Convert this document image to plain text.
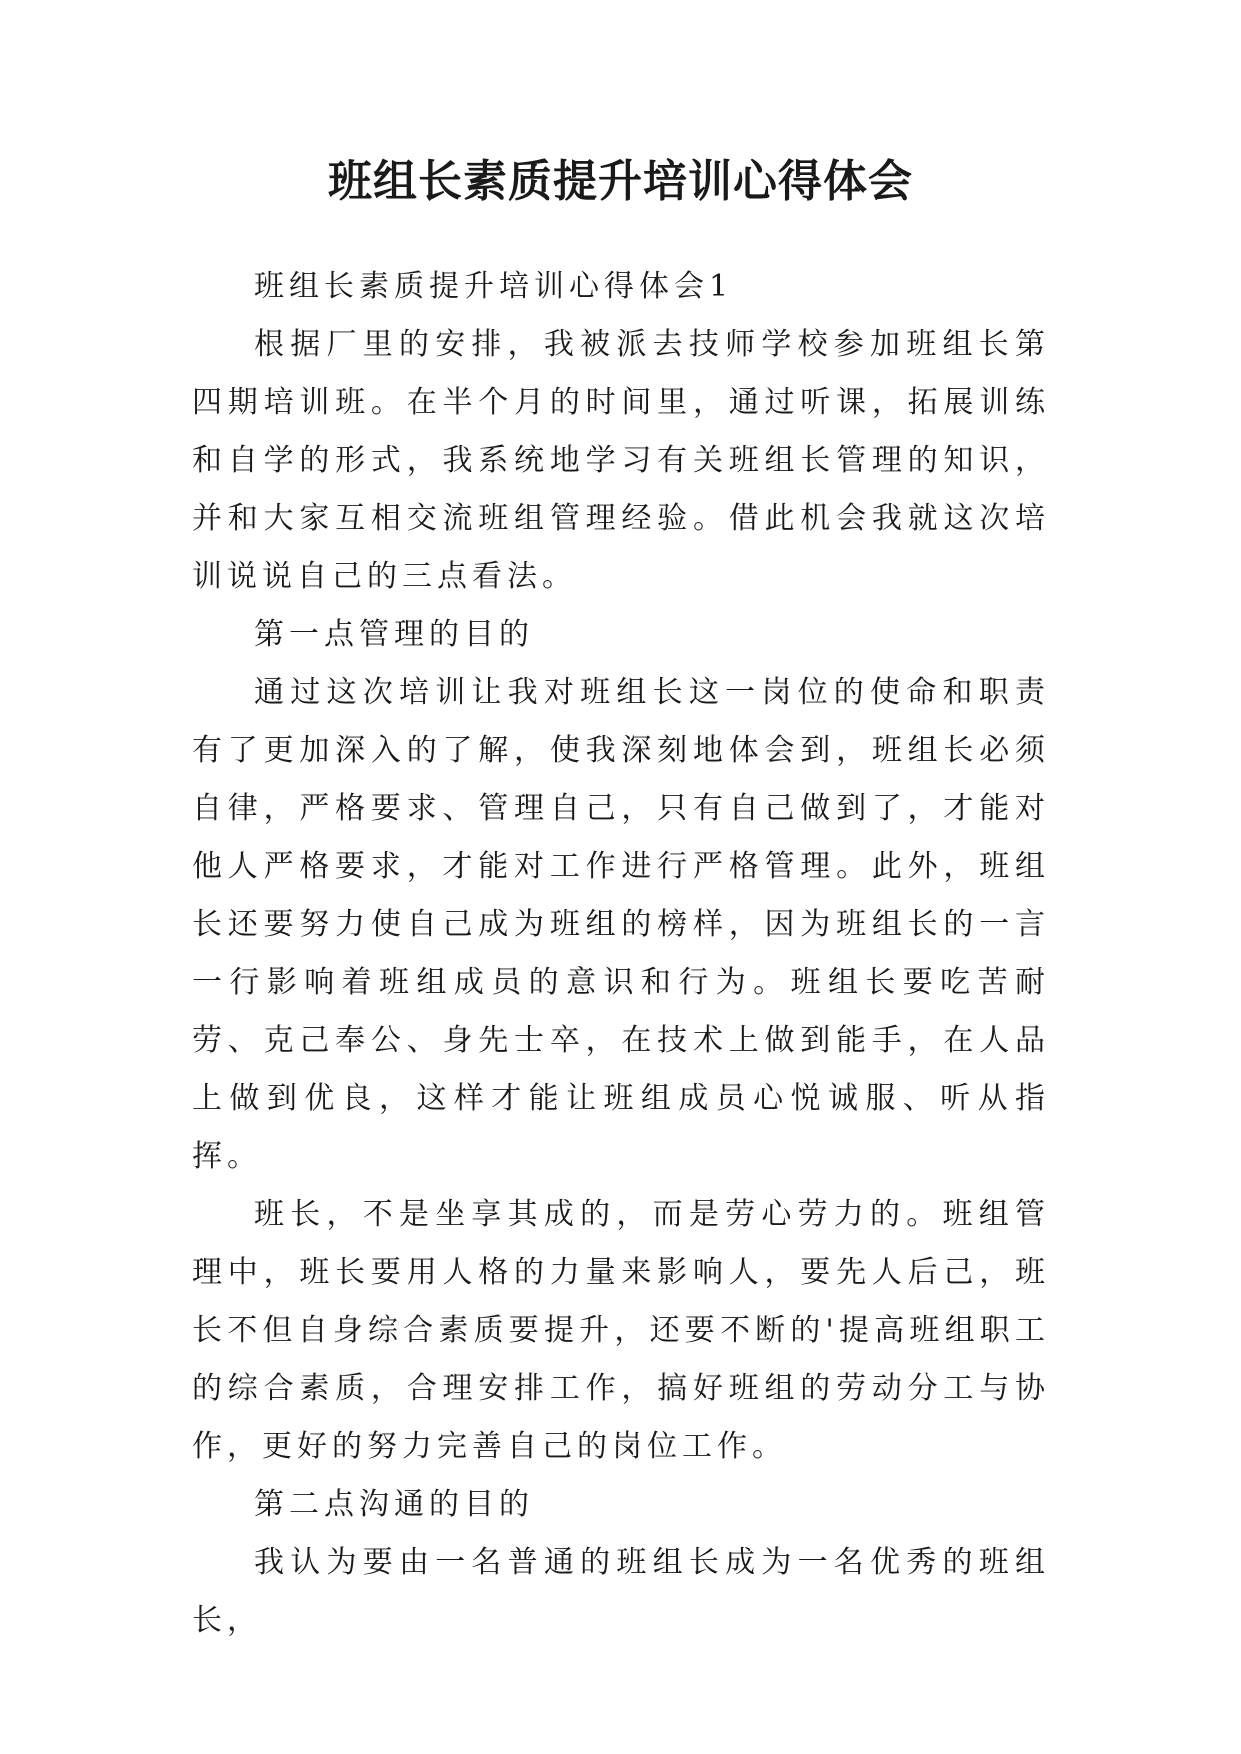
班组长素质提升培训心得体会

班组长素质提升培训心得体会1

根据厂里的安排，我被派去技师学校参加班组长第四期培训班。在半个月的时间里，通过听课，拓展训练和自学的形式，我系统地学习有关班组长管理的知识，并和大家互相交流班组管理经验。借此机会我就这次培训说说自己的三点看法。

第一点管理的目的

通过这次培训让我对班组长这一岗位的使命和职责有了更加深入的了解，使我深刻地体会到，班组长必须自律，严格要求、管理自己，只有自己做到了，才能对他人严格要求，才能对工作进行严格管理。此外，班组长还要努力使自己成为班组的榜样，因为班组长的一言一行影响着班组成员的意识和行为。班组长要吃苦耐劳、克己奉公、身先士卒，在技术上做到能手，在人品上做到优良，这样才能让班组成员心悦诚服、听从指挥。

班长，不是坐享其成的，而是劳心劳力的。班组管理中，班长要用人格的力量来影响人，要先人后己，班长不但自身综合素质要提升，还要不断的'提高班组职工的综合素质，合理安排工作，搞好班组的劳动分工与协作，更好的努力完善自己的岗位工作。

第二点沟通的目的

我认为要由一名普通的班组长成为一名优秀的班组长，
